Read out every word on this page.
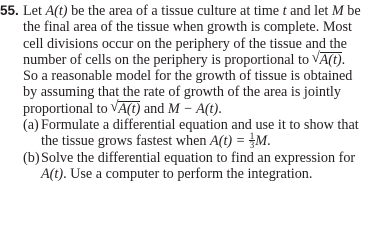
55. Let A(t) be the area of a tissue culture at time t and let M be
the final area of the tissue when growth is complete. Most
cell divisions occur on the periphery of the tissue and the
number of cells on the periphery is proportional to √ A(t).
So a reasonable model for the growth of tissue is obtained
by assuming that the rate of growth of the area is jointly
proportional to √ A(t) and M − A(t).
(a) Formulate a differential equation and use it to show that
the tissue grows fastest when $A(t) = \frac{1}{3} M$.
(b) Solve the differential equation to find an expression for
A(t). Use a computer to perform the integration.
